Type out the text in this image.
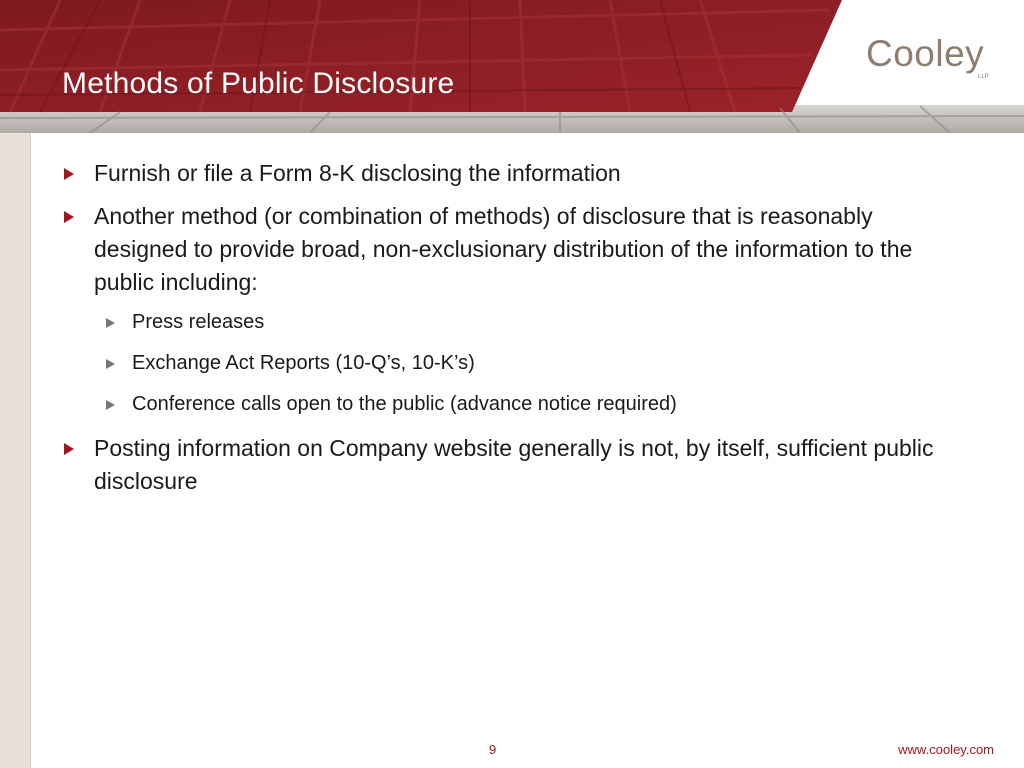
Methods of Public Disclosure
Cooley
LLP
Furnish or file a Form 8-K disclosing the information
Another method (or combination of methods) of disclosure that is reasonably designed to provide broad, non-exclusionary distribution of the information to the public including:
Press releases
Exchange Act Reports (10-Q’s, 10-K’s)
Conference calls open to the public (advance notice required)
Posting information on Company website generally is not, by itself, sufficient public disclosure
9	www.cooley.com
